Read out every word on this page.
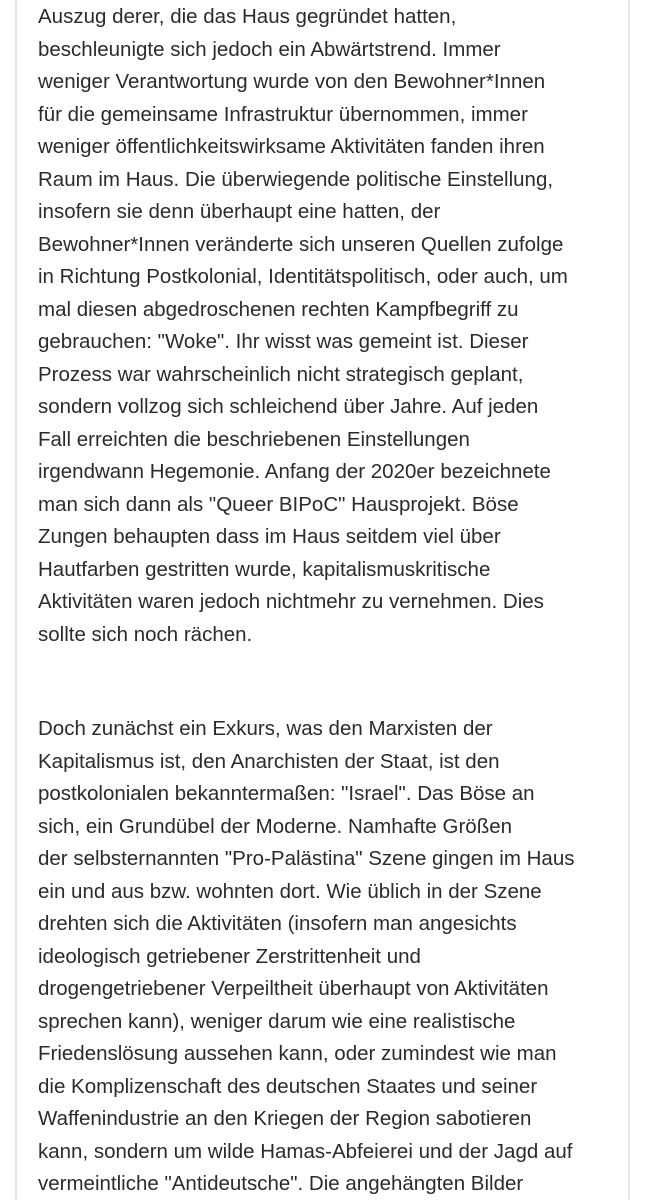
Auszug derer, die das Haus gegründet hatten,
beschleunigte sich jedoch ein Abwärtstrend. Immer
weniger Verantwortung wurde von den Bewohner*Innen
für die gemeinsame Infrastruktur übernommen, immer
weniger öffentlichkeitswirksame Aktivitäten fanden ihren
Raum im Haus. Die überwiegende politische Einstellung,
insofern sie denn überhaupt eine hatten, der
Bewohner*Innen veränderte sich unseren Quellen zufolge
in Richtung Postkolonial, Identitätspolitisch, oder auch, um
mal diesen abgedroschenen rechten Kampfbegriff zu
gebrauchen: "Woke". Ihr wisst was gemeint ist. Dieser
Prozess war wahrscheinlich nicht strategisch geplant,
sondern vollzog sich schleichend über Jahre. Auf jeden
Fall erreichten die beschriebenen Einstellungen
irgendwann Hegemonie. Anfang der 2020er bezeichnete
man sich dann als "Queer BIPoC" Hausprojekt. Böse
Zungen behaupten dass im Haus seitdem viel über
Hautfarben gestritten wurde, kapitalismuskritische
Aktivitäten waren jedoch nichtmehr zu vernehmen. Dies
sollte sich noch rächen.
Doch zunächst ein Exkurs, was den Marxisten der
Kapitalismus ist, den Anarchisten der Staat, ist den
postkolonialen bekanntermaßen: "Israel". Das Böse an
sich, ein Grundübel der Moderne. Namhafte Größen
der selbsternannten "Pro-Palästina" Szene gingen im Haus
ein und aus bzw. wohnten dort. Wie üblich in der Szene
drehten sich die Aktivitäten (insofern man angesichts
ideologisch getriebener Zerstrittenheit und
drogengetriebener Verpeiltheit überhaupt von Aktivitäten
sprechen kann), weniger darum wie eine realistische
Friedenslösung aussehen kann, oder zumindest wie man
die Komplizenschaft des deutschen Staates und seiner
Waffenindustrie an den Kriegen der Region sabotieren
kann, sondern um wilde Hamas-Abfeierei und der Jagd auf
vermeintliche "Antideutsche". Die angehängten Bilder
